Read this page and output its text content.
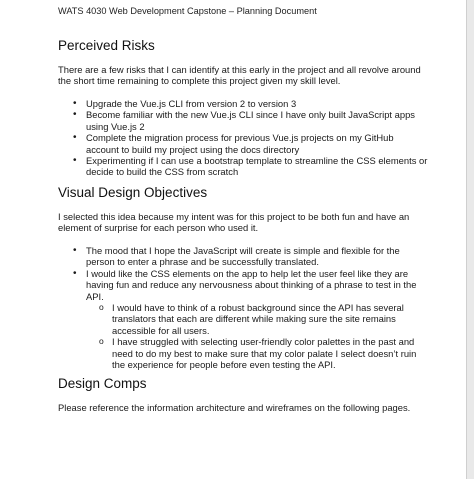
WATS 4030 Web Development Capstone – Planning Document
Perceived Risks
There are a few risks that I can identify at this early in the project and all revolve around the short time remaining to complete this project given my skill level.
• Upgrade the Vue.js CLI from version 2 to version 3
• Become familiar with the new Vue.js CLI since I have only built JavaScript apps using Vue.js 2
• Complete the migration process for previous Vue.js projects on my GitHub account to build my project using the docs directory
• Experimenting if I can use a bootstrap template to streamline the CSS elements or decide to build the CSS from scratch
Visual Design Objectives
I selected this idea because my intent was for this project to be both fun and have an element of surprise for each person who used it.
• The mood that I hope the JavaScript will create is simple and flexible for the person to enter a phrase and be successfully translated.
• I would like the CSS elements on the app to help let the user feel like they are having fun and reduce any nervousness about thinking of a phrase to test in the API.
o I would have to think of a robust background since the API has several translators that each are different while making sure the site remains accessible for all users.
o I have struggled with selecting user-friendly color palettes in the past and need to do my best to make sure that my color palate I select doesn’t ruin the experience for people before even testing the API.
Design Comps
Please reference the information architecture and wireframes on the following pages.
